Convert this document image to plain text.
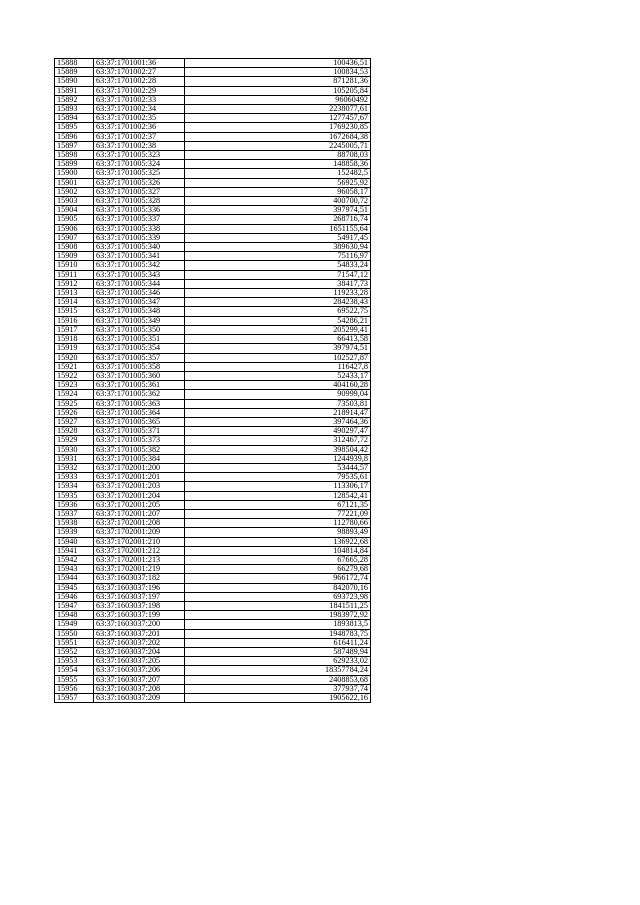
15888	63:37:1701001:36	100436,51
15889	63:37:1701002:27	100834,53
15890	63:37:1701002:28	871281,36
15891	63:37:1701002:29	105205,84
15892	63:37:1701002:33	96060492
15893	63:37:1701002:34	2238077,61
15894	63:37:1701002:35	1277457,67
15895	63:37:1701002:36	1769230,85
15896	63:37:1701002:37	1672684,38
15897	63:37:1701002:38	2245005,71
15898	63:37:1701005:323	88708,03
15899	63:37:1701005:324	148858,36
15900	63:37:1701005:325	152482,5
15901	63:37:1701005:326	56925,92
15902	63:37:1701005:327	96058,17
15903	63:37:1701005:328	400700,72
15904	63:37:1701005:336	397974,51
15905	63:37:1701005:337	268716,74
15906	63:37:1701005:338	1651155,64
15907	63:37:1701005:339	54917,45
15908	63:37:1701005:340	389630,94
15909	63:37:1701005:341	75116,97
15910	63:37:1701005:342	54833,24
15911	63:37:1701005:343	71547,12
15912	63:37:1701005:344	38417,73
15913	63:37:1701005:346	119233,28
15914	63:37:1701005:347	284238,43
15915	63:37:1701005:348	69522,75
15916	63:37:1701005:349	54286,21
15917	63:37:1701005:350	205299,41
15918	63:37:1701005:351	66413,58
15919	63:37:1701005:354	397974,51
15920	63:37:1701005:357	102527,87
15921	63:37:1701005:358	116427,8
15922	63:37:1701005:360	52433,17
15923	63:37:1701005:361	404160,28
15924	63:37:1701005:362	90999,04
15925	63:37:1701005:363	73503,81
15926	63:37:1701005:364	218914,47
15927	63:37:1701005:365	397464,36
15928	63:37:1701005:371	490297,47
15929	63:37:1701005:373	312467,72
15930	63:37:1701005:382	398504,42
15931	63:37:1701005:384	1244939,8
15932	63:37:1702001:200	53444,57
15933	63:37:1702001:201	79535,61
15934	63:37:1702001:203	113306,17
15935	63:37:1702001:204	128542,41
15936	63:37:1702001:205	67121,35
15937	63:37:1702001:207	77221,09
15938	63:37:1702001:208	112780,66
15939	63:37:1702001:209	98893,49
15940	63:37:1702001:210	136922,68
15941	63:37:1702001:212	104814,84
15942	63:37:1702001:213	67665,28
15943	63:37:1702001:219	66279,68
15944	63:37:1603037:182	966172,74
15945	63:37:1603037:196	842070,16
15946	63:37:1603037:197	693723,98
15947	63:37:1603037:198	1841511,25
15948	63:37:1603037:199	1983972,92
15949	63:37:1603037:200	1893813,5
15950	63:37:1603037:201	1948783,75
15951	63:37:1603037:202	616411,24
15952	63:37:1603037:204	587489,94
15953	63:37:1603037:205	629233,02
15954	63:37:1603037:206	18357784,24
15955	63:37:1603037:207	2408853,68
15956	63:37:1603037:208	377937,74
15957	63:37:1603037:209	1905622,16
